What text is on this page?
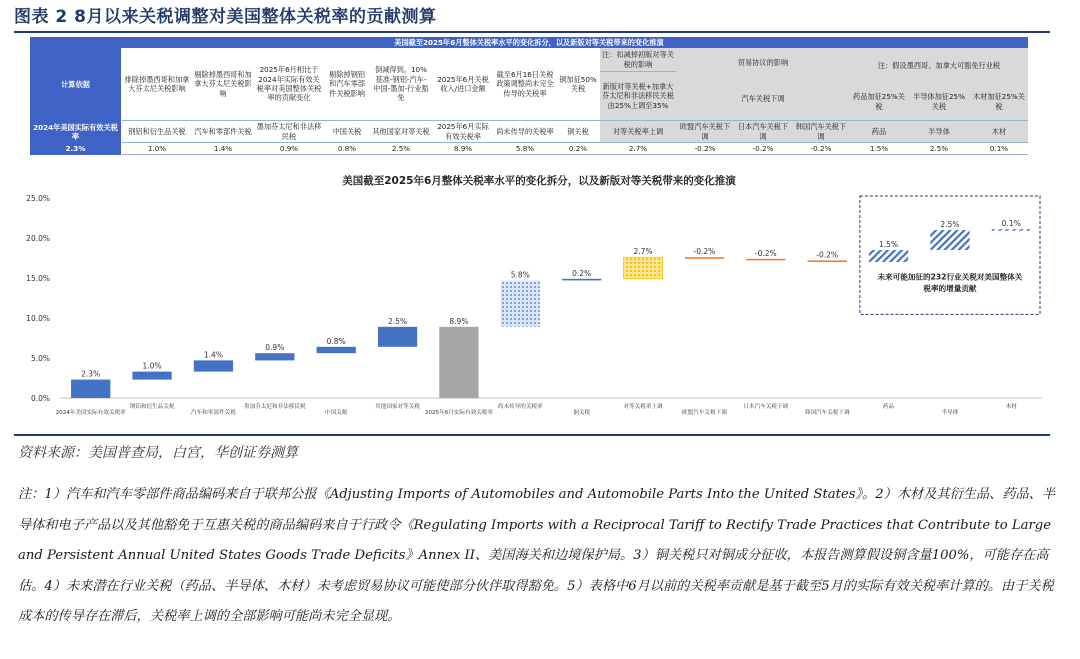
图表 2 8月以来关税调整对美国整体关税率的贡献测算
美国截至2025年6月整体关税率水平的变化拆分，以及新版对等关税带来的变化推演
计算依据
2024年美国实际有效关税率
2.3%
排除掉墨西哥和加拿大芬太尼关税影响
钢铝和衍生品关税
1.0%
剔除掉墨西哥和加拿大芬太尼关税影响
汽车和零部件关税
1.4%
2025年6月相比于2024年实际有效关税率对美国整体关税率的贡献变化
墨加芬太尼和非法移民税
0.9%
剔除掉钢铝和汽车零部件关税影响
中国关税
0.8%
倒减得到。10%基准-钢铝-汽车-中国-墨加-行业豁免
其他国家对等关税
2.5%
2025年6月关税收入/进口金额
2025年6月实际有效关税率
8.9%
截至6月16日关税政策调整尚未完全传导的关税率
尚未传导的关税率
5.8%
铜加征50%关税
铜关税
0.2%
注：扣减掉初版对等关税的影响
新版对等关税+加拿大芬太尼和非法移民关税由25%上调至35%
对等关税率上调
2.7%
欧盟汽车关税下调
-0.2%
日本汽车关税下调
-0.2%
韩国汽车关税下调
-0.2%
药品加征25%关税
药品
1.5%
半导体加征25%关税
半导体
2.5%
木材加征25%关税
木材
0.1%
贸易协议的影响
汽车关税下调
注：假设墨西哥、加拿大可豁免行业税
美国截至2025年6月整体关税率水平的变化拆分，以及新版对等关税带来的变化推演
0.0%
5.0%
10.0%
15.0%
20.0%
25.0%
2.3%
2024年美国实际有效关税率
1.0%
钢铝和衍生品关税
1.4%
汽车和零部件关税
0.9%
墨加芬太尼和非法移民税
0.8%
中国关税
2.5%
其他国家对等关税
8.9%
2025年6月实际有效关税率
5.8%
尚未传导的关税率
0.2%
铜关税
2.7%
对等关税率上调
-0.2%
欧盟汽车关税下调
-0.2%
日本汽车关税下调
-0.2%
韩国汽车关税下调
1.5%
药品
2.5%
半导体
0.1%
木材
未来可能加征的232行业关税对美国整体关
税率的增量贡献
资料来源：美国普查局，白宫，华创证券测算
注：1）汽车和汽车零部件商品编码来自于联邦公报《Adjusting Imports of Automobiles and Automobile Parts Into the United States》。2）木材及其衍生品、药品、半导体和电子产品以及其他豁免于互惠关税的商品编码来自于行政令《Regulating Imports with a Reciprocal Tariff to Rectify Trade Practices that Contribute to Large and Persistent Annual United States Goods Trade Deficits》Annex II、美国海关和边境保护局。3）铜关税只对铜成分征收，本报告测算假设铜含量100%，可能存在高估。4）未来潜在行业关税（药品、半导体、木材）未考虑贸易协议可能使部分伙伴取得豁免。5）表格中6月以前的关税率贡献是基于截至5月的实际有效关税率计算的。由于关税成本的传导存在滞后，关税率上调的全部影响可能尚未完全显现。
